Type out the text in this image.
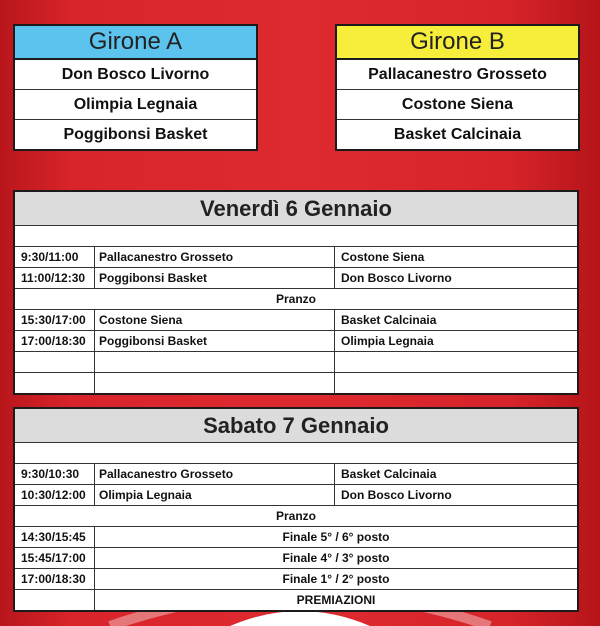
Girone A
Don Bosco Livorno
Olimpia Legnaia
Poggibonsi Basket
Girone B
Pallacanestro Grosseto
Costone Siena
Basket Calcinaia
Venerdì 6 Gennaio
9:30/11:00	Pallacanestro Grosseto	Costone Siena
11:00/12:30	Poggibonsi Basket	Don Bosco Livorno
Pranzo
15:30/17:00	Costone Siena	Basket Calcinaia
17:00/18:30	Poggibonsi Basket	Olimpia Legnaia
Sabato 7 Gennaio
9:30/10:30	Pallacanestro Grosseto	Basket Calcinaia
10:30/12:00	Olimpia Legnaia	Don Bosco Livorno
Pranzo
14:30/15:45	Finale 5° / 6° posto
15:45/17:00	Finale 4° / 3° posto
17:00/18:30	Finale 1° / 2° posto
PREMIAZIONI
